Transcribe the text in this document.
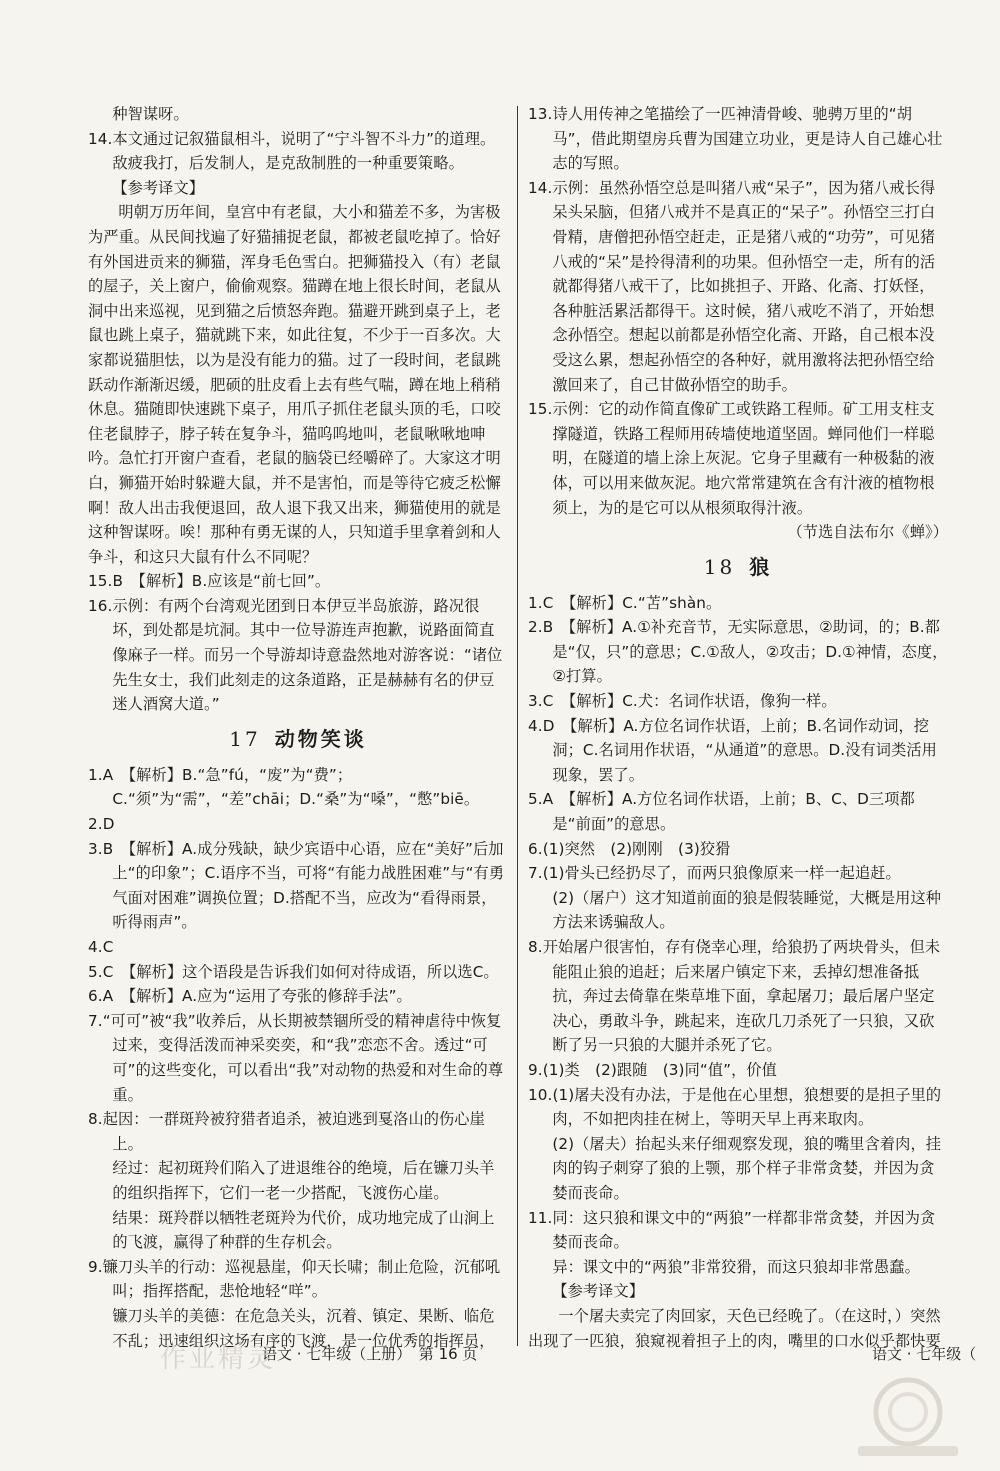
种智谋呀。

14.本文通过记叙猫鼠相斗，说明了“宁斗智不斗力”的道理。敌疲我打，后发制人，是克敌制胜的一种重要策略。

【参考译文】

明朝万历年间，皇宫中有老鼠，大小和猫差不多，为害极为严重。从民间找遍了好猫捕捉老鼠，都被老鼠吃掉了。恰好有外国进贡来的狮猫，浑身毛色雪白。把狮猫投入（有）老鼠的屋子，关上窗户，偷偷观察。猫蹲在地上很长时间，老鼠从洞中出来巡视，见到猫之后愤怒奔跑。猫避开跳到桌子上，老鼠也跳上桌子，猫就跳下来，如此往复，不少于一百多次。大家都说猫胆怯，以为是没有能力的猫。过了一段时间，老鼠跳跃动作渐渐迟缓，肥硕的肚皮看上去有些气喘，蹲在地上稍稍休息。猫随即快速跳下桌子，用爪子抓住老鼠头顶的毛，口咬住老鼠脖子，脖子转在复争斗，猫呜呜地叫，老鼠啾啾地呻吟。急忙打开窗户查看，老鼠的脑袋已经嚼碎了。大家这才明白，狮猫开始时躲避大鼠，并不是害怕，而是等待它疲乏松懈啊！敌人出击我便退回，敌人退下我又出来，狮猫使用的就是这种智谋呀。唉！那种有勇无谋的人，只知道手里拿着剑和人争斗，和这只大鼠有什么不同呢？

15.B　【解析】B.应该是“前七回”。

16.示例：有两个台湾观光团到日本伊豆半岛旅游，路况很坏，到处都是坑洞。其中一位导游连声抱歉，说路面简直像麻子一样。而另一个导游却诗意盎然地对游客说：“诸位先生女士，我们此刻走的这条道路，正是赫赫有名的伊豆迷人酒窝大道。”

17 动物笑谈

1.A　【解析】B.“急”fú，“废”为“费”；C.“须”为“需”，“差”chāi；D.“桑”为“嗓”，“憋”biē。

2.D

3.B　【解析】A.成分残缺，缺少宾语中心语，应在“美好”后加上“的印象”；C.语序不当，可将“有能力战胜困难”与“有勇气面对困难”调换位置；D.搭配不当，应改为“看得雨景，听得雨声”。

4.C

5.C　【解析】这个语段是告诉我们如何对待成语，所以选C。

6.A　【解析】A.应为“运用了夸张的修辞手法”。

7.“可可”被“我”收养后，从长期被禁锢所受的精神虐待中恢复过来，变得活泼而神采奕奕，和“我”恋恋不舍。透过“可可”的这些变化，可以看出“我”对动物的热爱和对生命的尊重。

8.起因：一群斑羚被狩猎者追杀，被迫逃到戛洛山的伤心崖上。

经过：起初斑羚们陷入了进退维谷的绝境，后在镰刀头羊的组织指挥下，它们一老一少搭配，飞渡伤心崖。

结果：斑羚群以牺牲老斑羚为代价，成功地完成了山涧上的飞渡，赢得了种群的生存机会。

9.镰刀头羊的行动：巡视悬崖，仰天长啸；制止危险，沉郁吼叫；指挥搭配，悲怆地轻“咩”。

镰刀头羊的美德：在危急关头，沉着、镇定、果断、临危不乱；迅速组织这场有序的飞渡，是一位优秀的指挥员，

13.诗人用传神之笔描绘了一匹神清骨峻、驰骋万里的“胡马”，借此期望房兵曹为国建立功业，更是诗人自己雄心壮志的写照。

14.示例：虽然孙悟空总是叫猪八戒“呆子”，因为猪八戒长得呆头呆脑，但猪八戒并不是真正的“呆子”。孙悟空三打白骨精，唐僧把孙悟空赶走，正是猪八戒的“功劳”，可见猪八戒的“呆”是拎得清利的功果。但孙悟空一走，所有的活就都得猪八戒干了，比如挑担子、开路、化斋、打妖怪，各种脏活累活都得干。这时候，猪八戒吃不消了，开始想念孙悟空。想起以前都是孙悟空化斋、开路，自己根本没受这么累，想起孙悟空的各种好，就用激将法把孙悟空给激回来了，自己甘做孙悟空的助手。

15.示例：它的动作简直像矿工或铁路工程师。矿工用支柱支撑隧道，铁路工程师用砖墙使地道坚固。蝉同他们一样聪明，在隧道的墙上涂上灰泥。它身子里藏有一种极黏的液体，可以用来做灰泥。地穴常常建筑在含有汁液的植物根须上，为的是它可以从根须取得汁液。

（节选自法布尔《蝉》）

18 狼

1.C　【解析】C.“苫”shàn。

2.B　【解析】A.①补充音节，无实际意思，②助词，的；B.都是“仅，只”的意思；C.①敌人，②攻击；D.①神情，态度，②打算。

3.C　【解析】C.犬：名词作状语，像狗一样。

4.D　【解析】A.方位名词作状语，上前；B.名词作动词，挖洞；C.名词用作状语，“从通道”的意思。D.没有词类活用现象，罢了。

5.A　【解析】A.方位名词作状语，上前；B、C、D三项都是“前面”的意思。

6.(1)突然　(2)刚刚　(3)狡猾

7.(1)骨头已经扔尽了，而两只狼像原来一样一起追赶。

(2)（屠户）这才知道前面的狼是假装睡觉，大概是用这种方法来诱骗敌人。

8.开始屠户很害怕，存有侥幸心理，给狼扔了两块骨头，但未能阻止狼的追赶；后来屠户镇定下来，丢掉幻想准备抵抗，奔过去倚靠在柴草堆下面，拿起屠刀；最后屠户坚定决心，勇敢斗争，跳起来，连砍几刀杀死了一只狼，又砍断了另一只狼的大腿并杀死了它。

9.(1)类　(2)跟随　(3)同“值”，价值

10.(1)屠夫没有办法，于是他在心里想，狼想要的是担子里的肉，不如把肉挂在树上，等明天早上再来取肉。

(2)（屠夫）抬起头来仔细观察发现，狼的嘴里含着肉，挂肉的钩子刺穿了狼的上颚，那个样子非常贪婪，并因为贪婪而丧命。

11.同：这只狼和课文中的“两狼”一样都非常贪婪，并因为贪婪而丧命。

异：课文中的“两狼”非常狡猾，而这只狼却非常愚蠢。

【参考译文】

一个屠夫卖完了肉回家，天色已经晚了。（在这时，）突然出现了一匹狼，狼窥视着担子上的肉，嘴里的口水似乎都快要

语文 · 七年级（上册）　第 16 页	语文 · 七年级（
作业精灵
